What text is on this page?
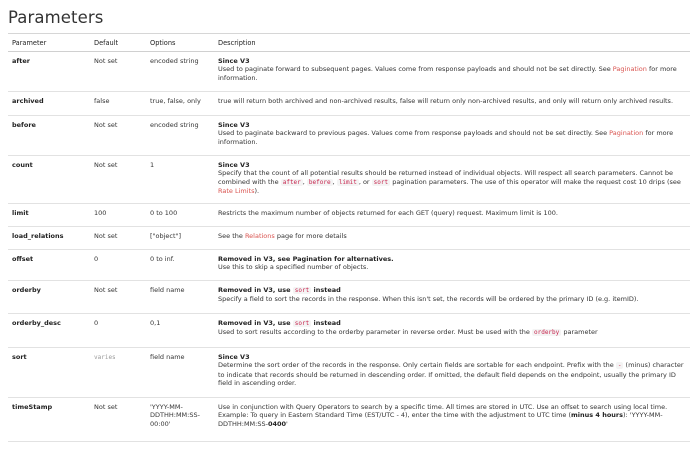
Parameters
Parameter	Default	Options	Description
after	Not set	encoded string	Since V3
Used to paginate forward to subsequent pages. Values come from response payloads and should not be set directly. See Pagination for more information.
archived	false	true, false, only	true will return both archived and non-archived results, false will return only non-archived results, and only will return only archived results.
before	Not set	encoded string	Since V3
Used to paginate backward to previous pages. Values come from response payloads and should not be set directly. See Pagination for more information.
count	Not set	1	Since V3
Specify that the count of all potential results should be returned instead of individual objects. Will respect all search parameters. Cannot be combined with the after , before , limit , or sort pagination parameters. The use of this operator will make the request cost 10 drips (see Rate Limits).
limit	100	0 to 100	Restricts the maximum number of objects returned for each GET (query) request. Maximum limit is 100.
load_relations	Not set	["object"]	See the Relations page for more details
offset	0	0 to inf.	Removed in V3, see Pagination for alternatives.
Use this to skip a specified number of objects.
orderby	Not set	field name	Removed in V3, use sort instead
Specify a field to sort the records in the response. When this isn't set, the records will be ordered by the primary ID (e.g. itemID).
orderby_desc	0	0,1	Removed in V3, use sort instead
Used to sort results according to the orderby parameter in reverse order. Must be used with the orderby parameter
sort	varies	field name	Since V3
Determine the sort order of the records in the response. Only certain fields are sortable for each endpoint. Prefix with the - (minus) character to indicate that records should be returned in descending order. If omitted, the default field depends on the endpoint, usually the primary ID field in ascending order.
timeStamp	Not set	'YYYY-MM-DDTHH:MM:SS-00:00'	Use in conjunction with Query Operators to search by a specific time. All times are stored in UTC. Use an offset to search using local time. Example: To query in Eastern Standard Time (EST/UTC - 4), enter the time with the adjustment to UTC time (minus 4 hours): 'YYYY-MM-DDTHH:MM:SS-0400'
